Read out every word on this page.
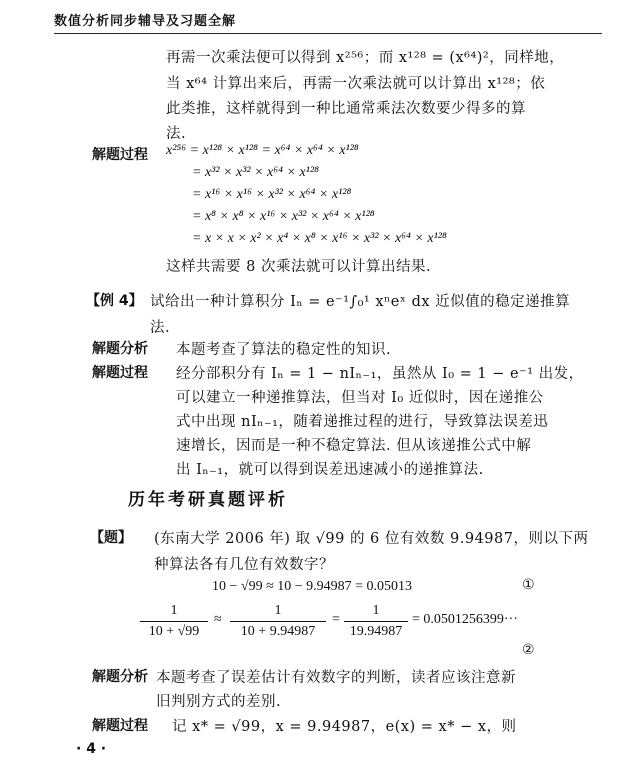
数值分析同步辅导及习题全解
再需一次乘法便可以得到 x²⁵⁶；而 x¹²⁸ = (x⁶⁴)²，同样地，
当 x⁶⁴ 计算出来后，再需一次乘法就可以计算出 x¹²⁸；依
此类推，这样就得到一种比通常乘法次数要少得多的算
法.
解题过程 x²⁵⁶ = x¹²⁸ × x¹²⁸ = x⁶⁴ × x⁶⁴ × x¹²⁸
= x³² × x³² × x⁶⁴ × x¹²⁸
= x¹⁶ × x¹⁶ × x³² × x⁶⁴ × x¹²⁸
= x⁸ × x⁸ × x¹⁶ × x³² × x⁶⁴ × x¹²⁸
= x × x × x² × x⁴ × x⁸ × x¹⁶ × x³² × x⁶⁴ × x¹²⁸
这样共需要 8 次乘法就可以计算出结果.
【例 4】 试给出一种计算积分 Iₙ = e⁻¹∫₀¹ xⁿeˣ dx 近似值的稳定递推算
法.
解题分析 本题考查了算法的稳定性的知识.
解题过程 经分部积分有 Iₙ = 1 − nIₙ₋₁，虽然从 I₀ = 1 − e⁻¹ 出发，
可以建立一种递推算法，但当对 I₀ 近似时，因在递推公
式中出现 nIₙ₋₁，随着递推过程的进行，导致算法误差迅
速增长，因而是一种不稳定算法. 但从该递推公式中解
出 Iₙ₋₁，就可以得到误差迅速减小的递推算法.
历年考研真题评析
【题】 (东南大学 2006 年) 取 √99 的 6 位有效数 9.94987，则以下两
种算法各有几位有效数字？
10 − √99 ≈ 10 − 9.94987 = 0.05013	①
1
10 + √99
≈
1
10 + 9.94987
=
1
19.94987
= 0.0501256399···
②
解题分析 本题考查了误差估计有效数字的判断，读者应该注意新
旧判别方式的差别.
解题过程 记 x* = √99，x = 9.94987，e(x) = x* − x，则
· 4 ·
